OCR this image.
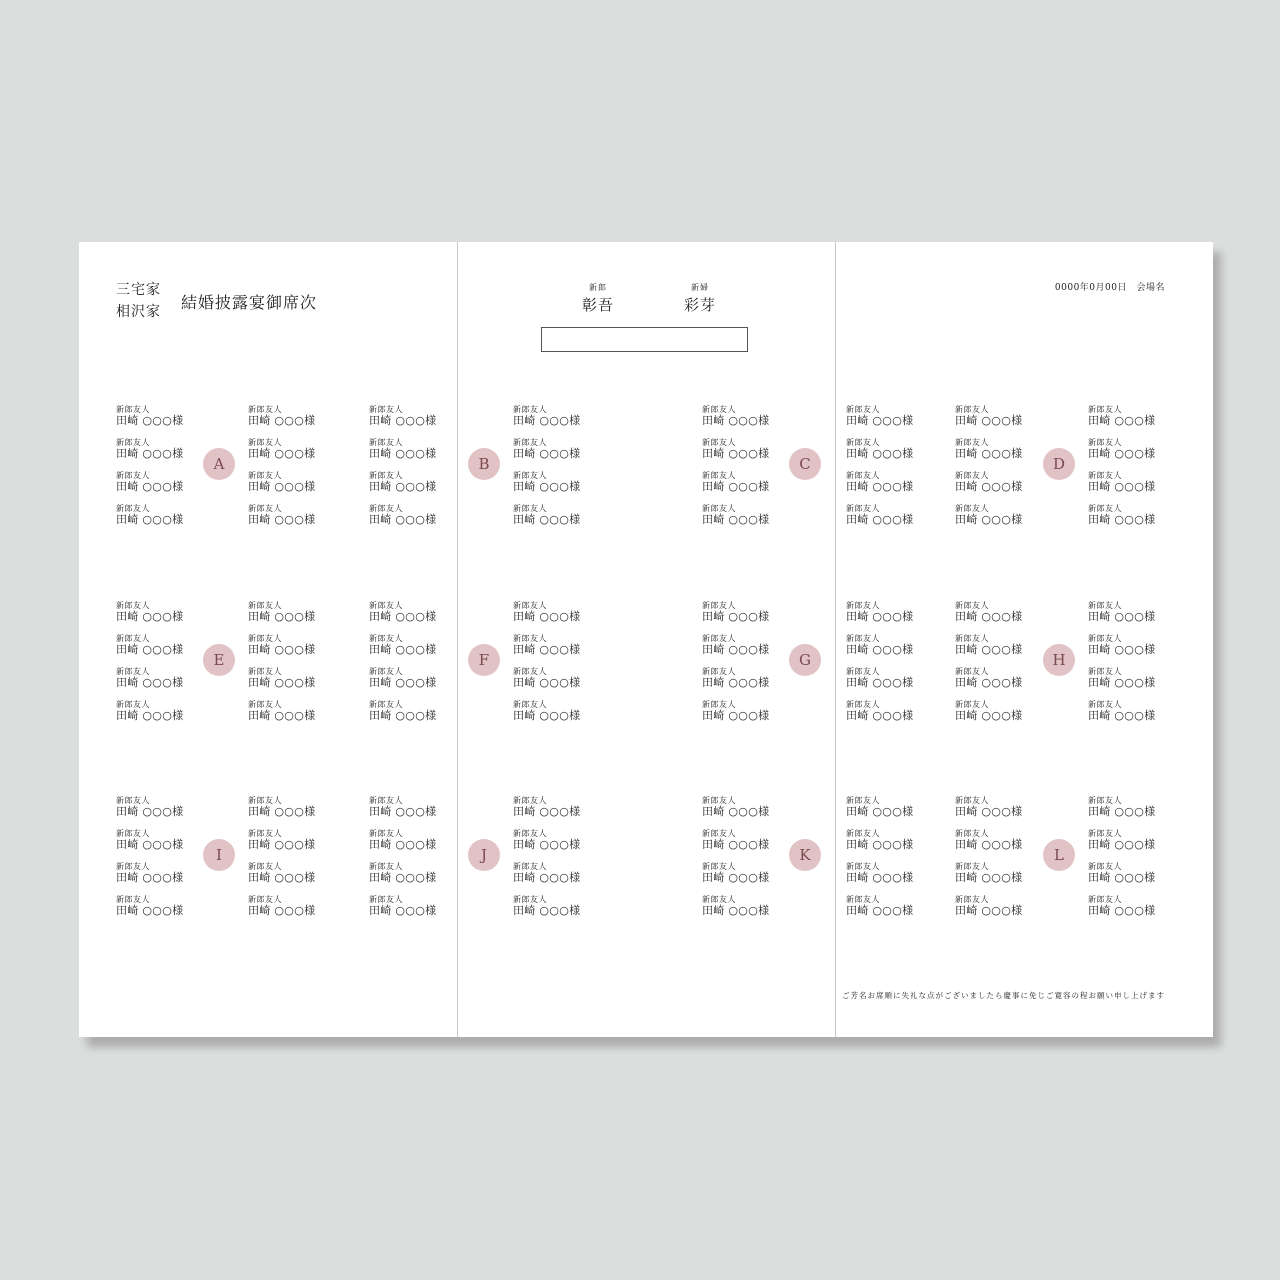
三宅家
相沢家 結婚披露宴御席次
新郎
彰吾
新婦
彩芽
0000年0月00日　会場名
ご芳名お席順に失礼な点がございましたら慶事に免じご寛容の程お願い申し上げます
A
新郎友人
田崎 ○○○様
新郎友人
田崎 ○○○様
新郎友人
田崎 ○○○様
新郎友人
田崎 ○○○様
新郎友人
田崎 ○○○様
新郎友人
田崎 ○○○様
新郎友人
田崎 ○○○様
新郎友人
田崎 ○○○様
新郎友人
田崎 ○○○様
新郎友人
田崎 ○○○様
新郎友人
田崎 ○○○様
新郎友人
田崎 ○○○様
B
新郎友人
田崎 ○○○様
新郎友人
田崎 ○○○様
新郎友人
田崎 ○○○様
新郎友人
田崎 ○○○様
C
新郎友人
田崎 ○○○様
新郎友人
田崎 ○○○様
新郎友人
田崎 ○○○様
新郎友人
田崎 ○○○様
D
新郎友人
田崎 ○○○様
新郎友人
田崎 ○○○様
新郎友人
田崎 ○○○様
新郎友人
田崎 ○○○様
新郎友人
田崎 ○○○様
新郎友人
田崎 ○○○様
新郎友人
田崎 ○○○様
新郎友人
田崎 ○○○様
新郎友人
田崎 ○○○様
新郎友人
田崎 ○○○様
新郎友人
田崎 ○○○様
新郎友人
田崎 ○○○様
E
新郎友人
田崎 ○○○様
新郎友人
田崎 ○○○様
新郎友人
田崎 ○○○様
新郎友人
田崎 ○○○様
新郎友人
田崎 ○○○様
新郎友人
田崎 ○○○様
新郎友人
田崎 ○○○様
新郎友人
田崎 ○○○様
新郎友人
田崎 ○○○様
新郎友人
田崎 ○○○様
新郎友人
田崎 ○○○様
新郎友人
田崎 ○○○様
F
新郎友人
田崎 ○○○様
新郎友人
田崎 ○○○様
新郎友人
田崎 ○○○様
新郎友人
田崎 ○○○様
G
新郎友人
田崎 ○○○様
新郎友人
田崎 ○○○様
新郎友人
田崎 ○○○様
新郎友人
田崎 ○○○様
H
新郎友人
田崎 ○○○様
新郎友人
田崎 ○○○様
新郎友人
田崎 ○○○様
新郎友人
田崎 ○○○様
新郎友人
田崎 ○○○様
新郎友人
田崎 ○○○様
新郎友人
田崎 ○○○様
新郎友人
田崎 ○○○様
新郎友人
田崎 ○○○様
新郎友人
田崎 ○○○様
新郎友人
田崎 ○○○様
新郎友人
田崎 ○○○様
I
新郎友人
田崎 ○○○様
新郎友人
田崎 ○○○様
新郎友人
田崎 ○○○様
新郎友人
田崎 ○○○様
新郎友人
田崎 ○○○様
新郎友人
田崎 ○○○様
新郎友人
田崎 ○○○様
新郎友人
田崎 ○○○様
新郎友人
田崎 ○○○様
新郎友人
田崎 ○○○様
新郎友人
田崎 ○○○様
新郎友人
田崎 ○○○様
J
新郎友人
田崎 ○○○様
新郎友人
田崎 ○○○様
新郎友人
田崎 ○○○様
新郎友人
田崎 ○○○様
K
新郎友人
田崎 ○○○様
新郎友人
田崎 ○○○様
新郎友人
田崎 ○○○様
新郎友人
田崎 ○○○様
L
新郎友人
田崎 ○○○様
新郎友人
田崎 ○○○様
新郎友人
田崎 ○○○様
新郎友人
田崎 ○○○様
新郎友人
田崎 ○○○様
新郎友人
田崎 ○○○様
新郎友人
田崎 ○○○様
新郎友人
田崎 ○○○様
新郎友人
田崎 ○○○様
新郎友人
田崎 ○○○様
新郎友人
田崎 ○○○様
新郎友人
田崎 ○○○様
